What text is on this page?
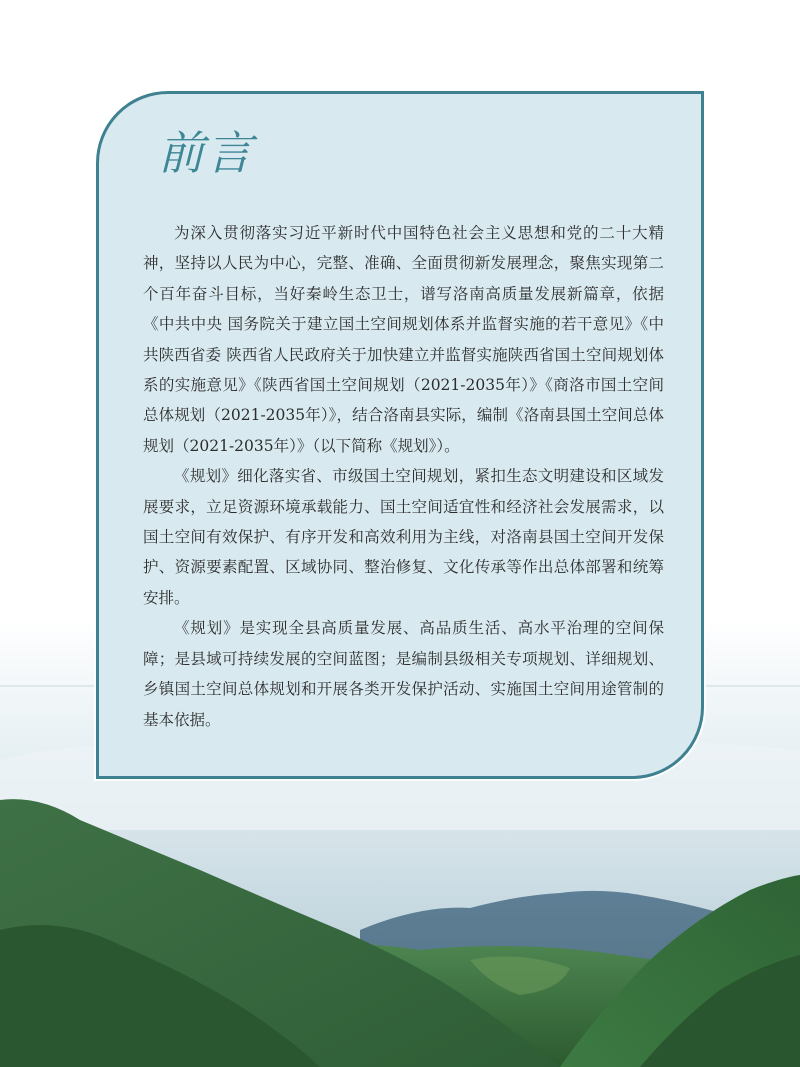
前言

为深入贯彻落实习近平新时代中国特色社会主义思想和党的二十大精神，坚持以人民为中心，完整、准确、全面贯彻新发展理念，聚焦实现第二个百年奋斗目标，当好秦岭生态卫士，谱写洛南高质量发展新篇章，依据《中共中央 国务院关于建立国土空间规划体系并监督实施的若干意见》《中共陕西省委 陕西省人民政府关于加快建立并监督实施陕西省国土空间规划体系的实施意见》《陕西省国土空间规划（2021-2035年）》《商洛市国土空间总体规划（2021-2035年）》，结合洛南县实际，编制《洛南县国土空间总体规划（2021-2035年）》（以下简称《规划》）。

《规划》细化落实省、市级国土空间规划，紧扣生态文明建设和区域发展要求，立足资源环境承载能力、国土空间适宜性和经济社会发展需求，以国土空间有效保护、有序开发和高效利用为主线，对洛南县国土空间开发保护、资源要素配置、区域协同、整治修复、文化传承等作出总体部署和统筹安排。

《规划》是实现全县高质量发展、高品质生活、高水平治理的空间保障；是县域可持续发展的空间蓝图；是编制县级相关专项规划、详细规划、乡镇国土空间总体规划和开展各类开发保护活动、实施国土空间用途管制的基本依据。
